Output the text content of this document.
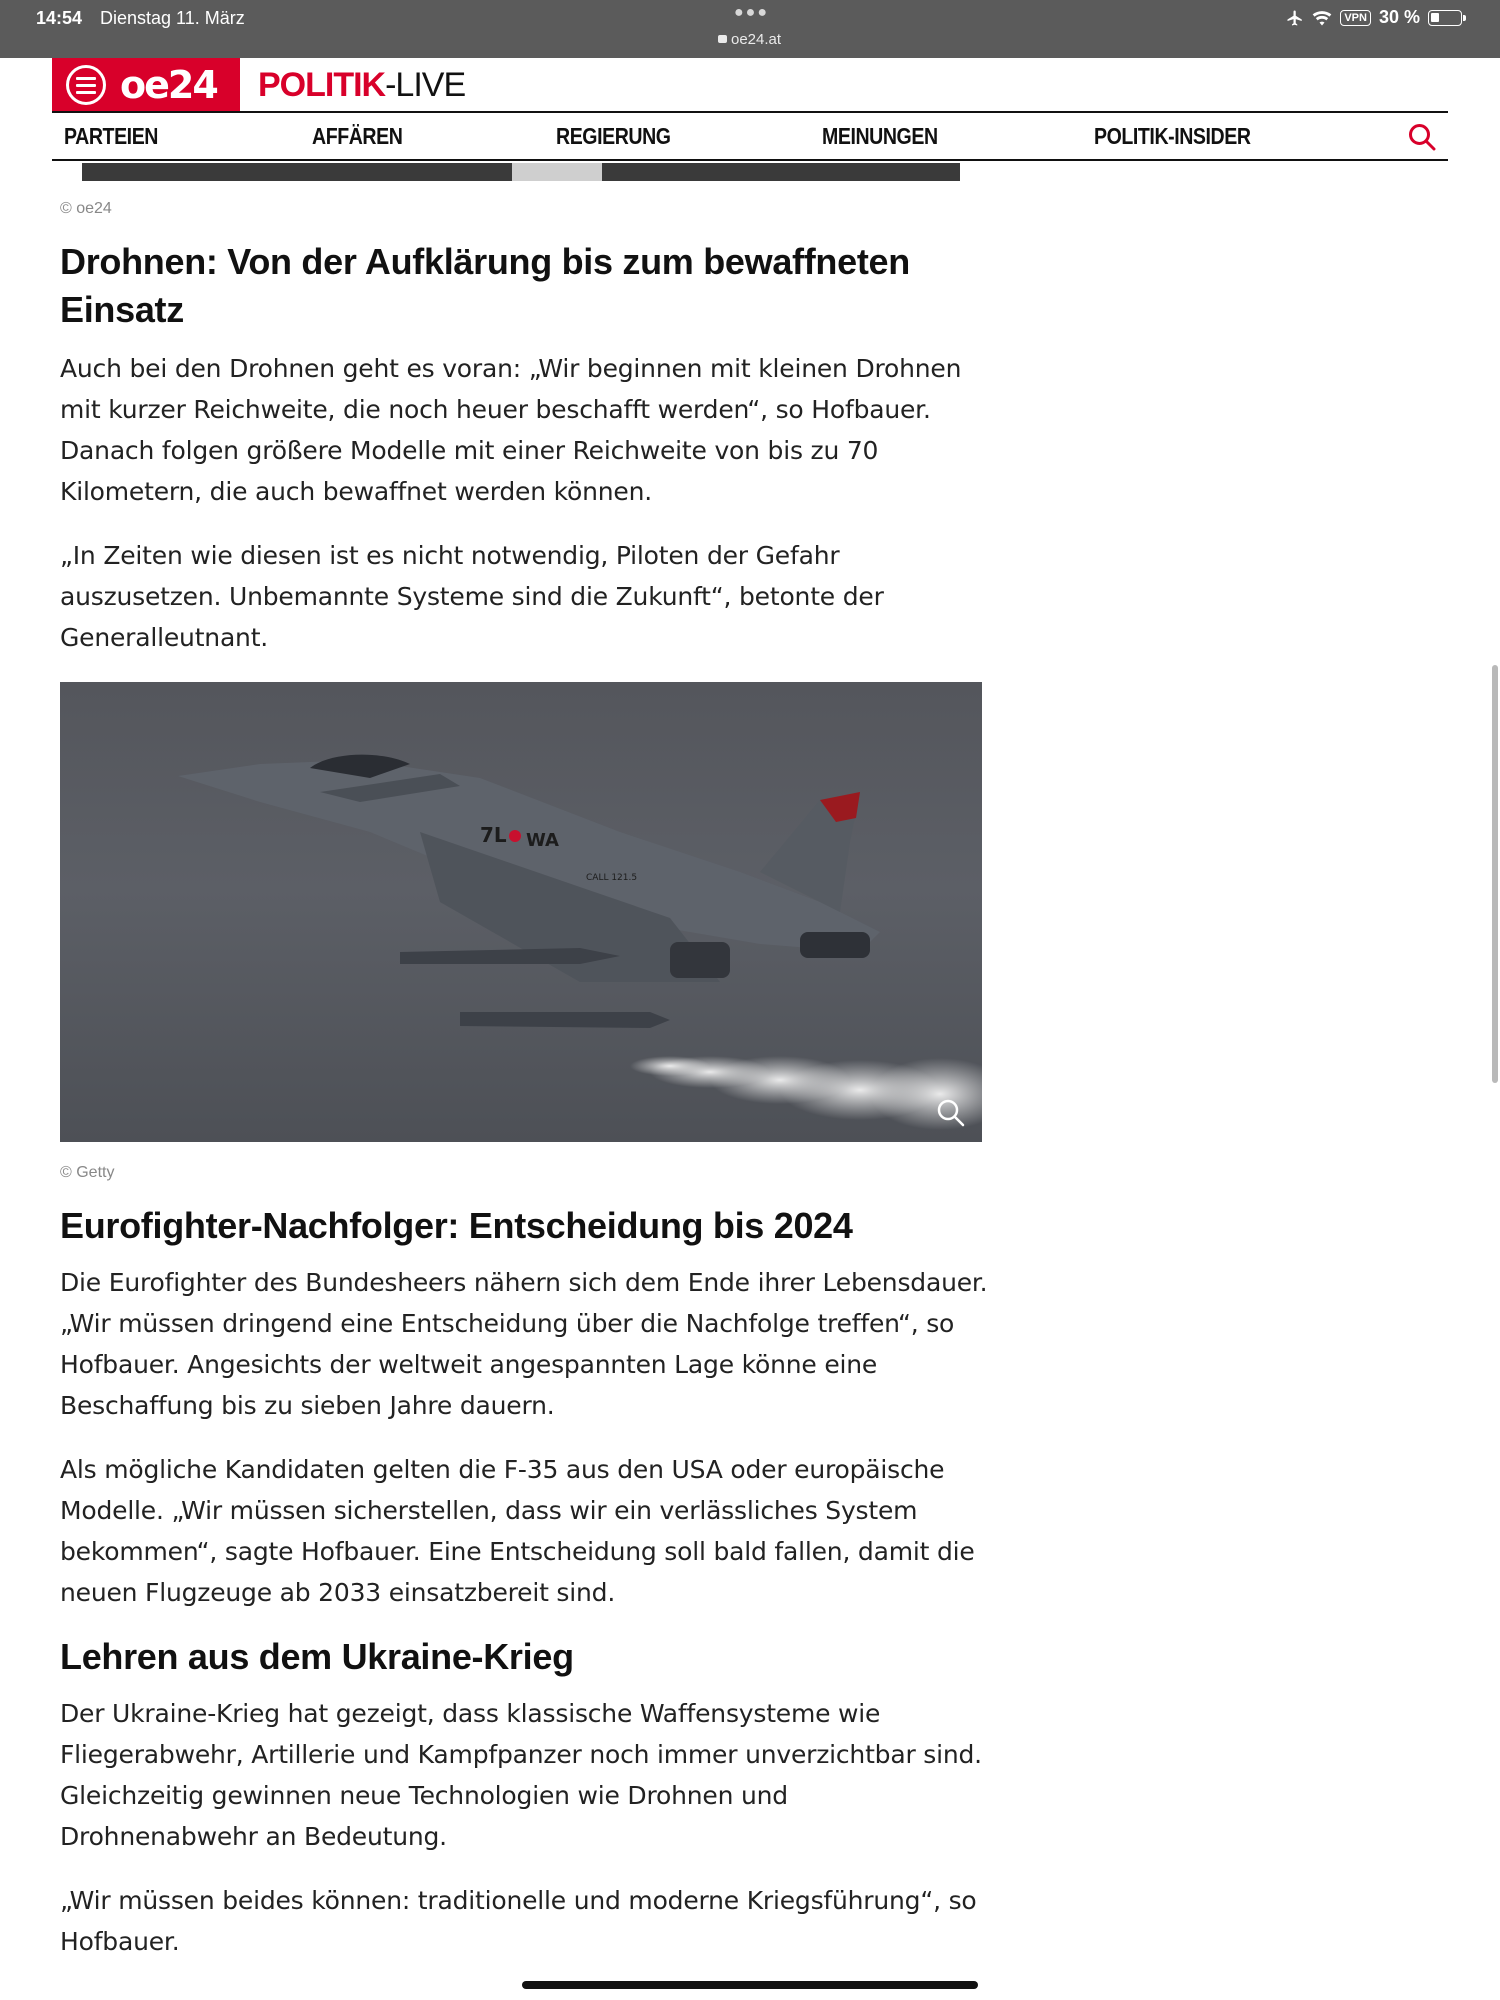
14:54 Dienstag 11. März	●●●
oe24.at
VPN 30 %
oe24 POLITIK-LIVE
PARTEIEN	AFFÄREN	REGIERUNG	MEINUNGEN	POLITIK-INSIDER
© oe24
Drohnen: Von der Aufklärung bis zum bewaffneten Einsatz

Auch bei den Drohnen geht es voran: „Wir beginnen mit kleinen Drohnen mit kurzer Reichweite, die noch heuer beschafft werden“, so Hofbauer. Danach folgen größere Modelle mit einer Reichweite von bis zu 70 Kilometern, die auch bewaffnet werden können.

„In Zeiten wie diesen ist es nicht notwendig, Piloten der Gefahr auszusetzen. Unbemannte Systeme sind die Zukunft“, betonte der Generalleutnant.

7L WA
CALL 121.5
© Getty
Eurofighter-Nachfolger: Entscheidung bis 2024

Die Eurofighter des Bundesheers nähern sich dem Ende ihrer Lebensdauer. „Wir müssen dringend eine Entscheidung über die Nachfolge treffen“, so Hofbauer. Angesichts der weltweit angespannten Lage könne eine Beschaffung bis zu sieben Jahre dauern.

Als mögliche Kandidaten gelten die F-35 aus den USA oder europäische Modelle. „Wir müssen sicherstellen, dass wir ein verlässliches System bekommen“, sagte Hofbauer. Eine Entscheidung soll bald fallen, damit die neuen Flugzeuge ab 2033 einsatzbereit sind.

Lehren aus dem Ukraine-Krieg

Der Ukraine-Krieg hat gezeigt, dass klassische Waffensysteme wie Fliegerabwehr, Artillerie und Kampfpanzer noch immer unverzichtbar sind. Gleichzeitig gewinnen neue Technologien wie Drohnen und Drohnenabwehr an Bedeutung.

„Wir müssen beides können: traditionelle und moderne Kriegsführung“, so Hofbauer.
